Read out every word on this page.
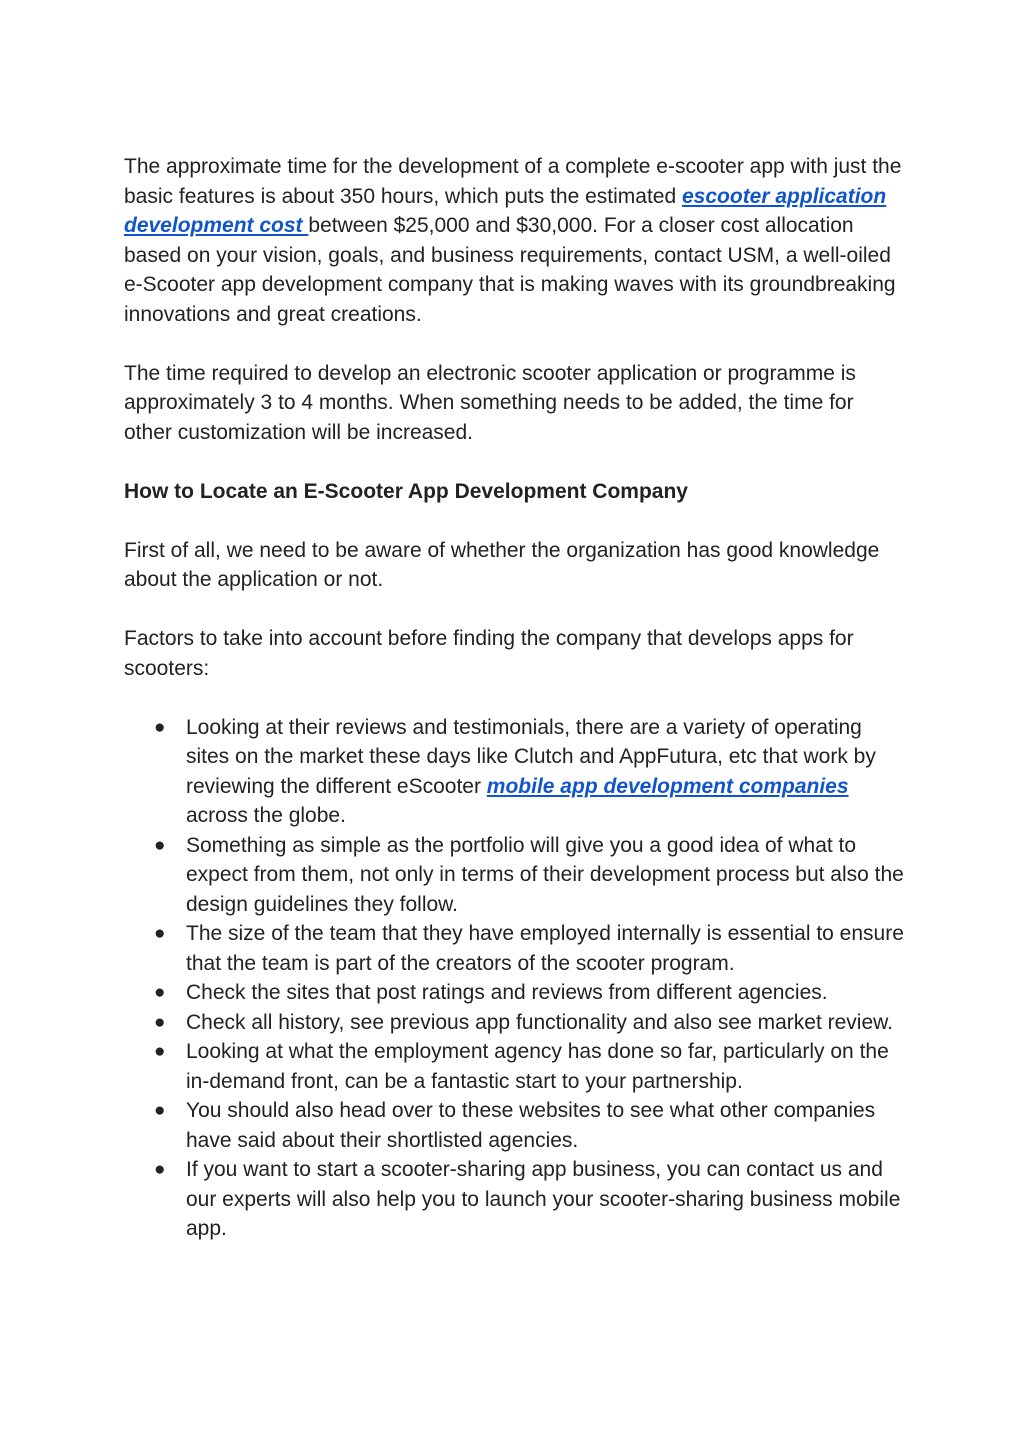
The approximate time for the development of a complete e-scooter app with just the basic features is about 350 hours, which puts the estimated escooter application development cost between $25,000 and $30,000. For a closer cost allocation based on your vision, goals, and business requirements, contact USM, a well-oiled e-Scooter app development company that is making waves with its groundbreaking innovations and great creations.

The time required to develop an electronic scooter application or programme is approximately 3 to 4 months. When something needs to be added, the time for other customization will be increased.

How to Locate an E-Scooter App Development Company

First of all, we need to be aware of whether the organization has good knowledge about the application or not.

Factors to take into account before finding the company that develops apps for scooters:

● Looking at their reviews and testimonials, there are a variety of operating sites on the market these days like Clutch and AppFutura, etc that work by reviewing the different eScooter mobile app development companies across the globe.
● Something as simple as the portfolio will give you a good idea of what to expect from them, not only in terms of their development process but also the design guidelines they follow.
● The size of the team that they have employed internally is essential to ensure that the team is part of the creators of the scooter program.
● Check the sites that post ratings and reviews from different agencies.
● Check all history, see previous app functionality and also see market review.
● Looking at what the employment agency has done so far, particularly on the in-demand front, can be a fantastic start to your partnership.
● You should also head over to these websites to see what other companies have said about their shortlisted agencies.
● If you want to start a scooter-sharing app business, you can contact us and our experts will also help you to launch your scooter-sharing business mobile app.
